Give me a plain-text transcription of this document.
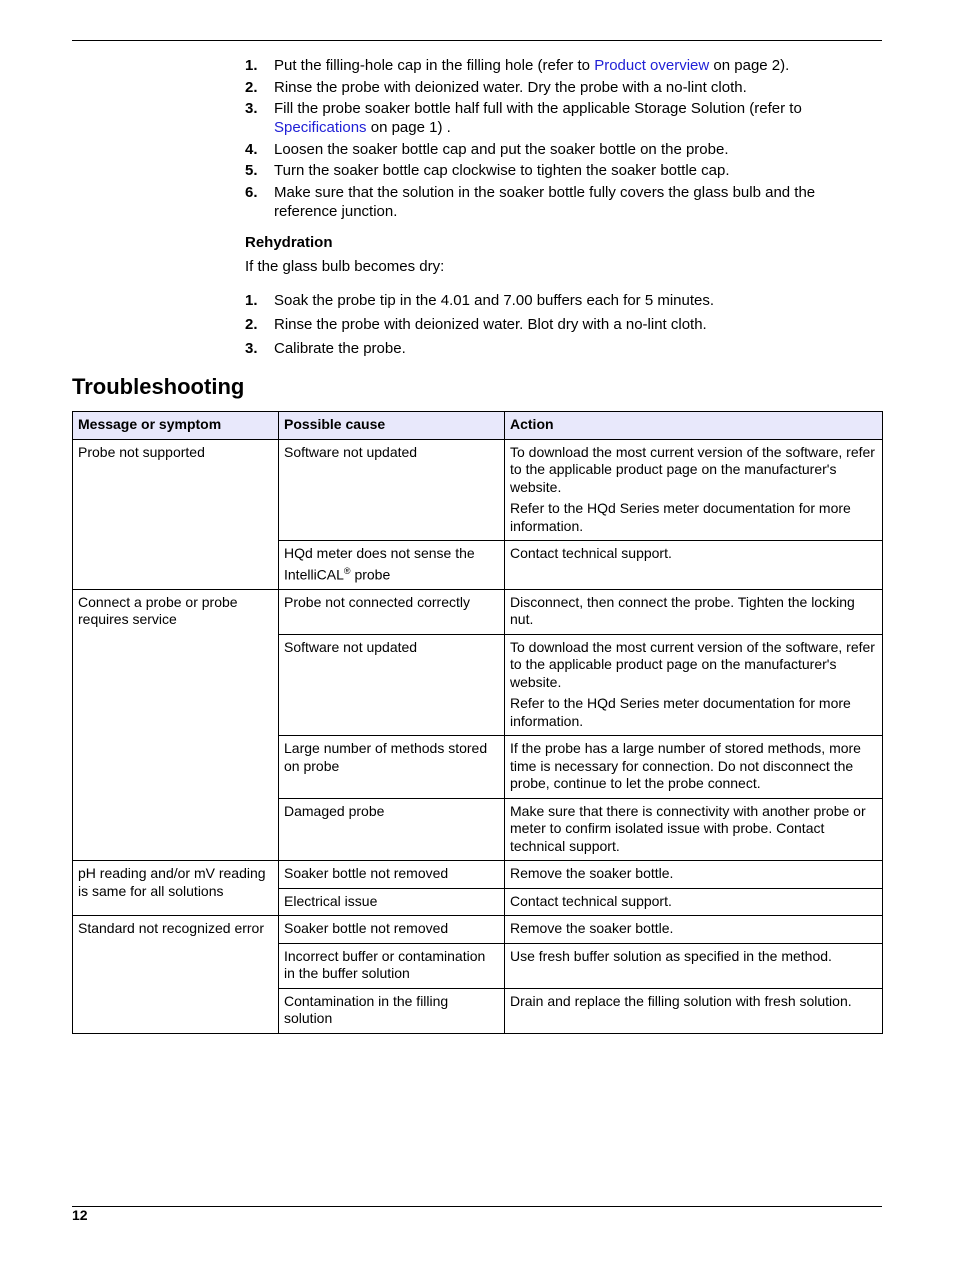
1. Put the filling-hole cap in the filling hole (refer to Product overview on page 2).
2. Rinse the probe with deionized water. Dry the probe with a no-lint cloth.
3. Fill the probe soaker bottle half full with the applicable Storage Solution (refer to Specifications on page 1) .
4. Loosen the soaker bottle cap and put the soaker bottle on the probe.
5. Turn the soaker bottle cap clockwise to tighten the soaker bottle cap.
6. Make sure that the solution in the soaker bottle fully covers the glass bulb and the reference junction.
Rehydration
If the glass bulb becomes dry:
1. Soak the probe tip in the 4.01 and 7.00 buffers each for 5 minutes.
2. Rinse the probe with deionized water. Blot dry with a no-lint cloth.
3. Calibrate the probe.
Troubleshooting
Message or symptom	Possible cause	Action
Probe not supported	Software not updated	To download the most current version of the software, refer to the applicable product page on the manufacturer's website.

Refer to the HQd Series meter documentation for more information.

	HQd meter does not sense the IntelliCAL® probe	Contact technical support.

Connect a probe or probe requires service	Probe not connected correctly	Disconnect, then connect the probe. Tighten the locking nut.

	Software not updated	To download the most current version of the software, refer to the applicable product page on the manufacturer's website.

Refer to the HQd Series meter documentation for more information.

	Large number of methods stored on probe	If the probe has a large number of stored methods, more time is necessary for connection. Do not disconnect the probe, continue to let the probe connect.

	Damaged probe	Make sure that there is connectivity with another probe or meter to confirm isolated issue with probe. Contact technical support.

pH reading and/or mV reading is same for all solutions	Soaker bottle not removed	Remove the soaker bottle.

	Electrical issue	Contact technical support.

Standard not recognized error	Soaker bottle not removed	Remove the soaker bottle.

	Incorrect buffer or contamination in the buffer solution	Use fresh buffer solution as specified in the method.

	Contamination in the filling solution	Drain and replace the filling solution with fresh solution.

12
